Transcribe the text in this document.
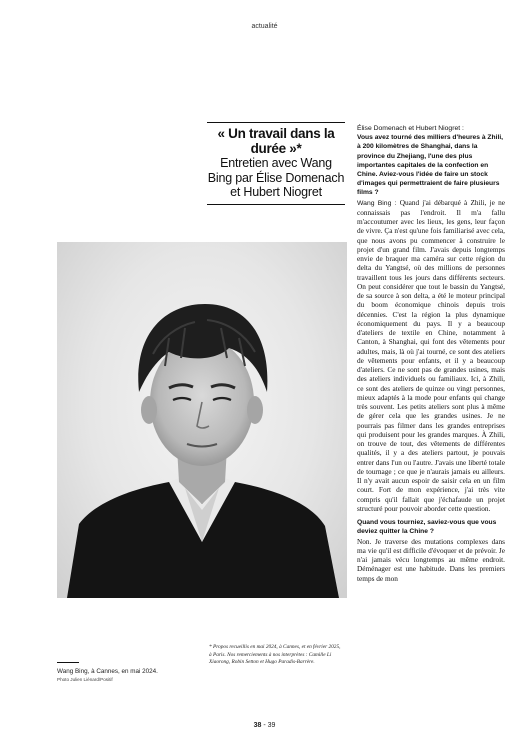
actualité
« Un travail dans la durée »*
Entretien avec Wang Bing par Élise Domenach et Hubert Niogret
Wang Bing, à Cannes, en mai 2024.
Photo Julien Liénard/Positif
* Propos recueillis en mai 2024, à Cannes, et en février 2025, à Paris. Nos remerciements à nos interprètes : Camille Li Xiaorong, Robin Setton et Hugo Paradis-Barrère.

Élise Domenach et Hubert Niogret :

Vous avez tourné des milliers d'heures à Zhili, à 200 kilomètres de Shanghai, dans la province du Zhejiang, l'une des plus importantes capitales de la confection en Chine. Aviez-vous l'idée de faire un stock d'images qui permettraient de faire plusieurs films ?

Wang Bing : Quand j'ai débarqué à Zhili, je ne connaissais pas l'endroit. Il m'a fallu m'accoutumer avec les lieux, les gens, leur façon de vivre. Ça n'est qu'une fois familiarisé avec cela, que nous avons pu commencer à construire le projet d'un grand film. J'avais depuis longtemps envie de braquer ma caméra sur cette région du delta du Yangtsé, où des millions de personnes travaillent tous les jours dans différents secteurs. On peut considérer que tout le bassin du Yangtsé, de sa source à son delta, a été le moteur principal du boom économique chinois depuis trois décennies. C'est la région la plus dynamique économiquement du pays. Il y a beaucoup d'ateliers de textile en Chine, notamment à Canton, à Shanghai, qui font des vêtements pour adultes, mais, là où j'ai tourné, ce sont des ateliers de vêtements pour enfants, et il y a beaucoup d'ateliers. Ce ne sont pas de grandes usines, mais des ateliers individuels ou familiaux. Ici, à Zhili, ce sont des ateliers de quinze ou vingt personnes, mieux adaptés à la mode pour enfants qui change très souvent. Les petits ateliers sont plus à même de gérer cela que les grandes usines. Je ne pourrais pas filmer dans les grandes entreprises qui produisent pour les grandes marques. À Zhili, on trouve de tout, des vêtements de différentes qualités, il y a des ateliers partout, je pouvais entrer dans l'un ou l'autre. J'avais une liberté totale de tournage ; ce que je n'aurais jamais eu ailleurs. Il n'y avait aucun espoir de saisir cela en un film court. Fort de mon expérience, j'ai très vite compris qu'il fallait que j'échafaude un projet structuré pour pouvoir aborder cette question.

Quand vous tourniez, saviez-vous que vous deviez quitter la Chine ?

Non. Je traverse des mutations complexes dans ma vie qu'il est difficile d'évoquer et de prévoir. Je n'ai jamais vécu longtemps au même endroit. Déménager est une habitude. Dans les premiers temps de mon

38 - 39
